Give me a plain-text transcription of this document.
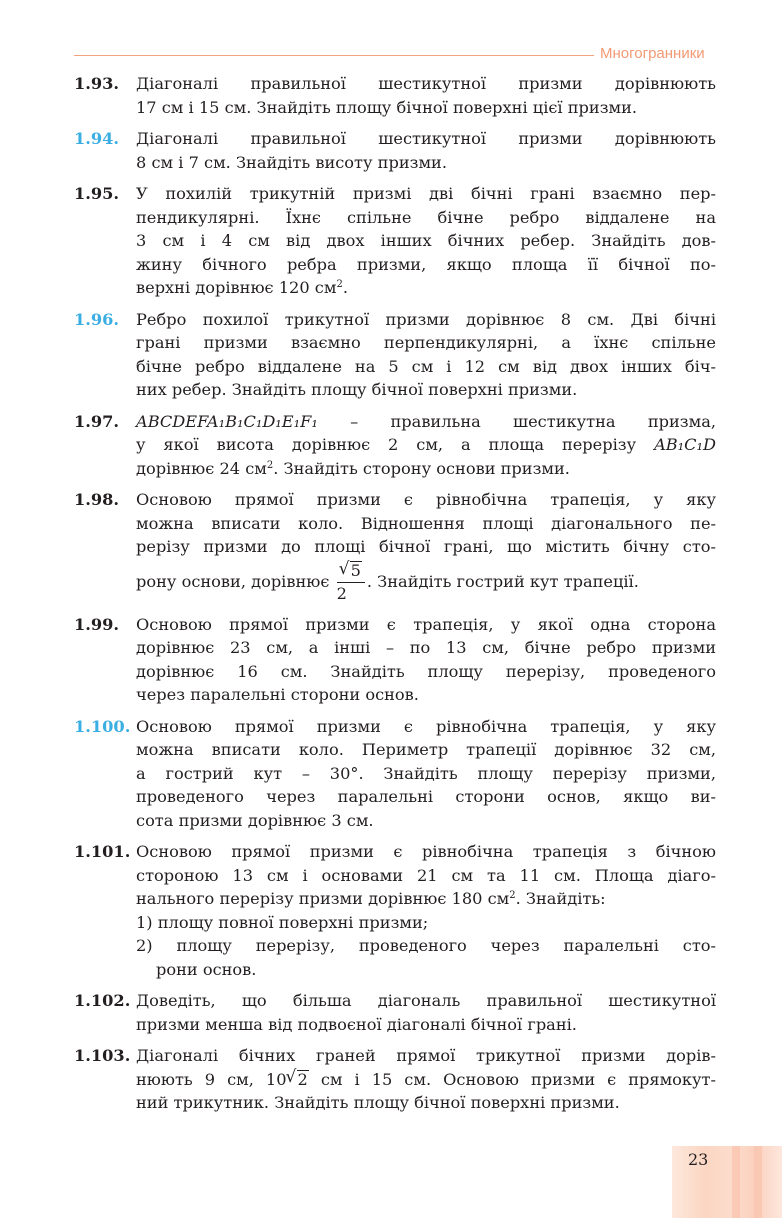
Многогранники
1.93. Діагоналі правильної шестикутної призми дорівнюють
17 см і 15 см. Знайдіть площу бічної поверхні цієї призми.
1.94. Діагоналі правильної шестикутної призми дорівнюють
8 см і 7 см. Знайдіть висоту призми.
1.95. У похилій трикутній призмі дві бічні грані взаємно пер-
пендикулярні. Їхнє спільне бічне ребро віддалене на
3 см і 4 см від двох інших бічних ребер. Знайдіть дов-
жину бічного ребра призми, якщо площа її бічної по-
верхні дорівнює 120 $см^2$.
1.96. Ребро похилої трикутної призми дорівнює 8 см. Дві бічні
грані призми взаємно перпендикулярні, а їхнє спільне
бічне ребро віддалене на 5 см і 12 см від двох інших біч-
них ребер. Знайдіть площу бічної поверхні призми.
1.97. ABCDEFA₁B₁C₁D₁E₁F₁ – правильна шестикутна призма,
у якої висота дорівнює 2 см, а площа перерізу AB₁C₁D
дорівнює 24 $см^2$. Знайдіть сторону основи призми.
1.98. Основою прямої призми є рівнобічна трапеція, у яку
можна вписати коло. Відношення площі діагонального пе-
рерізу призми до площі бічної грані, що містить бічну сто-
рону основи, дорівнює √ $\frac{5}{2}$ . Знайдіть гострий кут трапеції.
1.99. Основою прямої призми є трапеція, у якої одна сторона
дорівнює 23 см, а інші – по 13 см, бічне ребро призми
дорівнює 16 см. Знайдіть площу перерізу, проведеного
через паралельні сторони основ.
1.100. Основою прямої призми є рівнобічна трапеція, у яку
можна вписати коло. Периметр трапеції дорівнює 32 см,
а гострий кут – 30°. Знайдіть площу перерізу призми,
проведеного через паралельні сторони основ, якщо ви-
сота призми дорівнює 3 см.
1.101. Основою прямої призми є рівнобічна трапеція з бічною
стороною 13 см і основами 21 см та 11 см. Площа діаго-
нального перерізу призми дорівнює 180 $см^2$. Знайдіть:
1) площу повної поверхні призми;
2) площу перерізу, проведеного через паралельні сто-
рони основ.
1.102. Доведіть, що більша діагональ правильної шестикутної
призми менша від подвоєної діагоналі бічної грані.
1.103. Діагоналі бічних граней прямої трикутної призми дорів-
нюють 9 см, 10 √ 2 см і 15 см. Основою призми є прямокут-
ний трикутник. Знайдіть площу бічної поверхні призми.
23
